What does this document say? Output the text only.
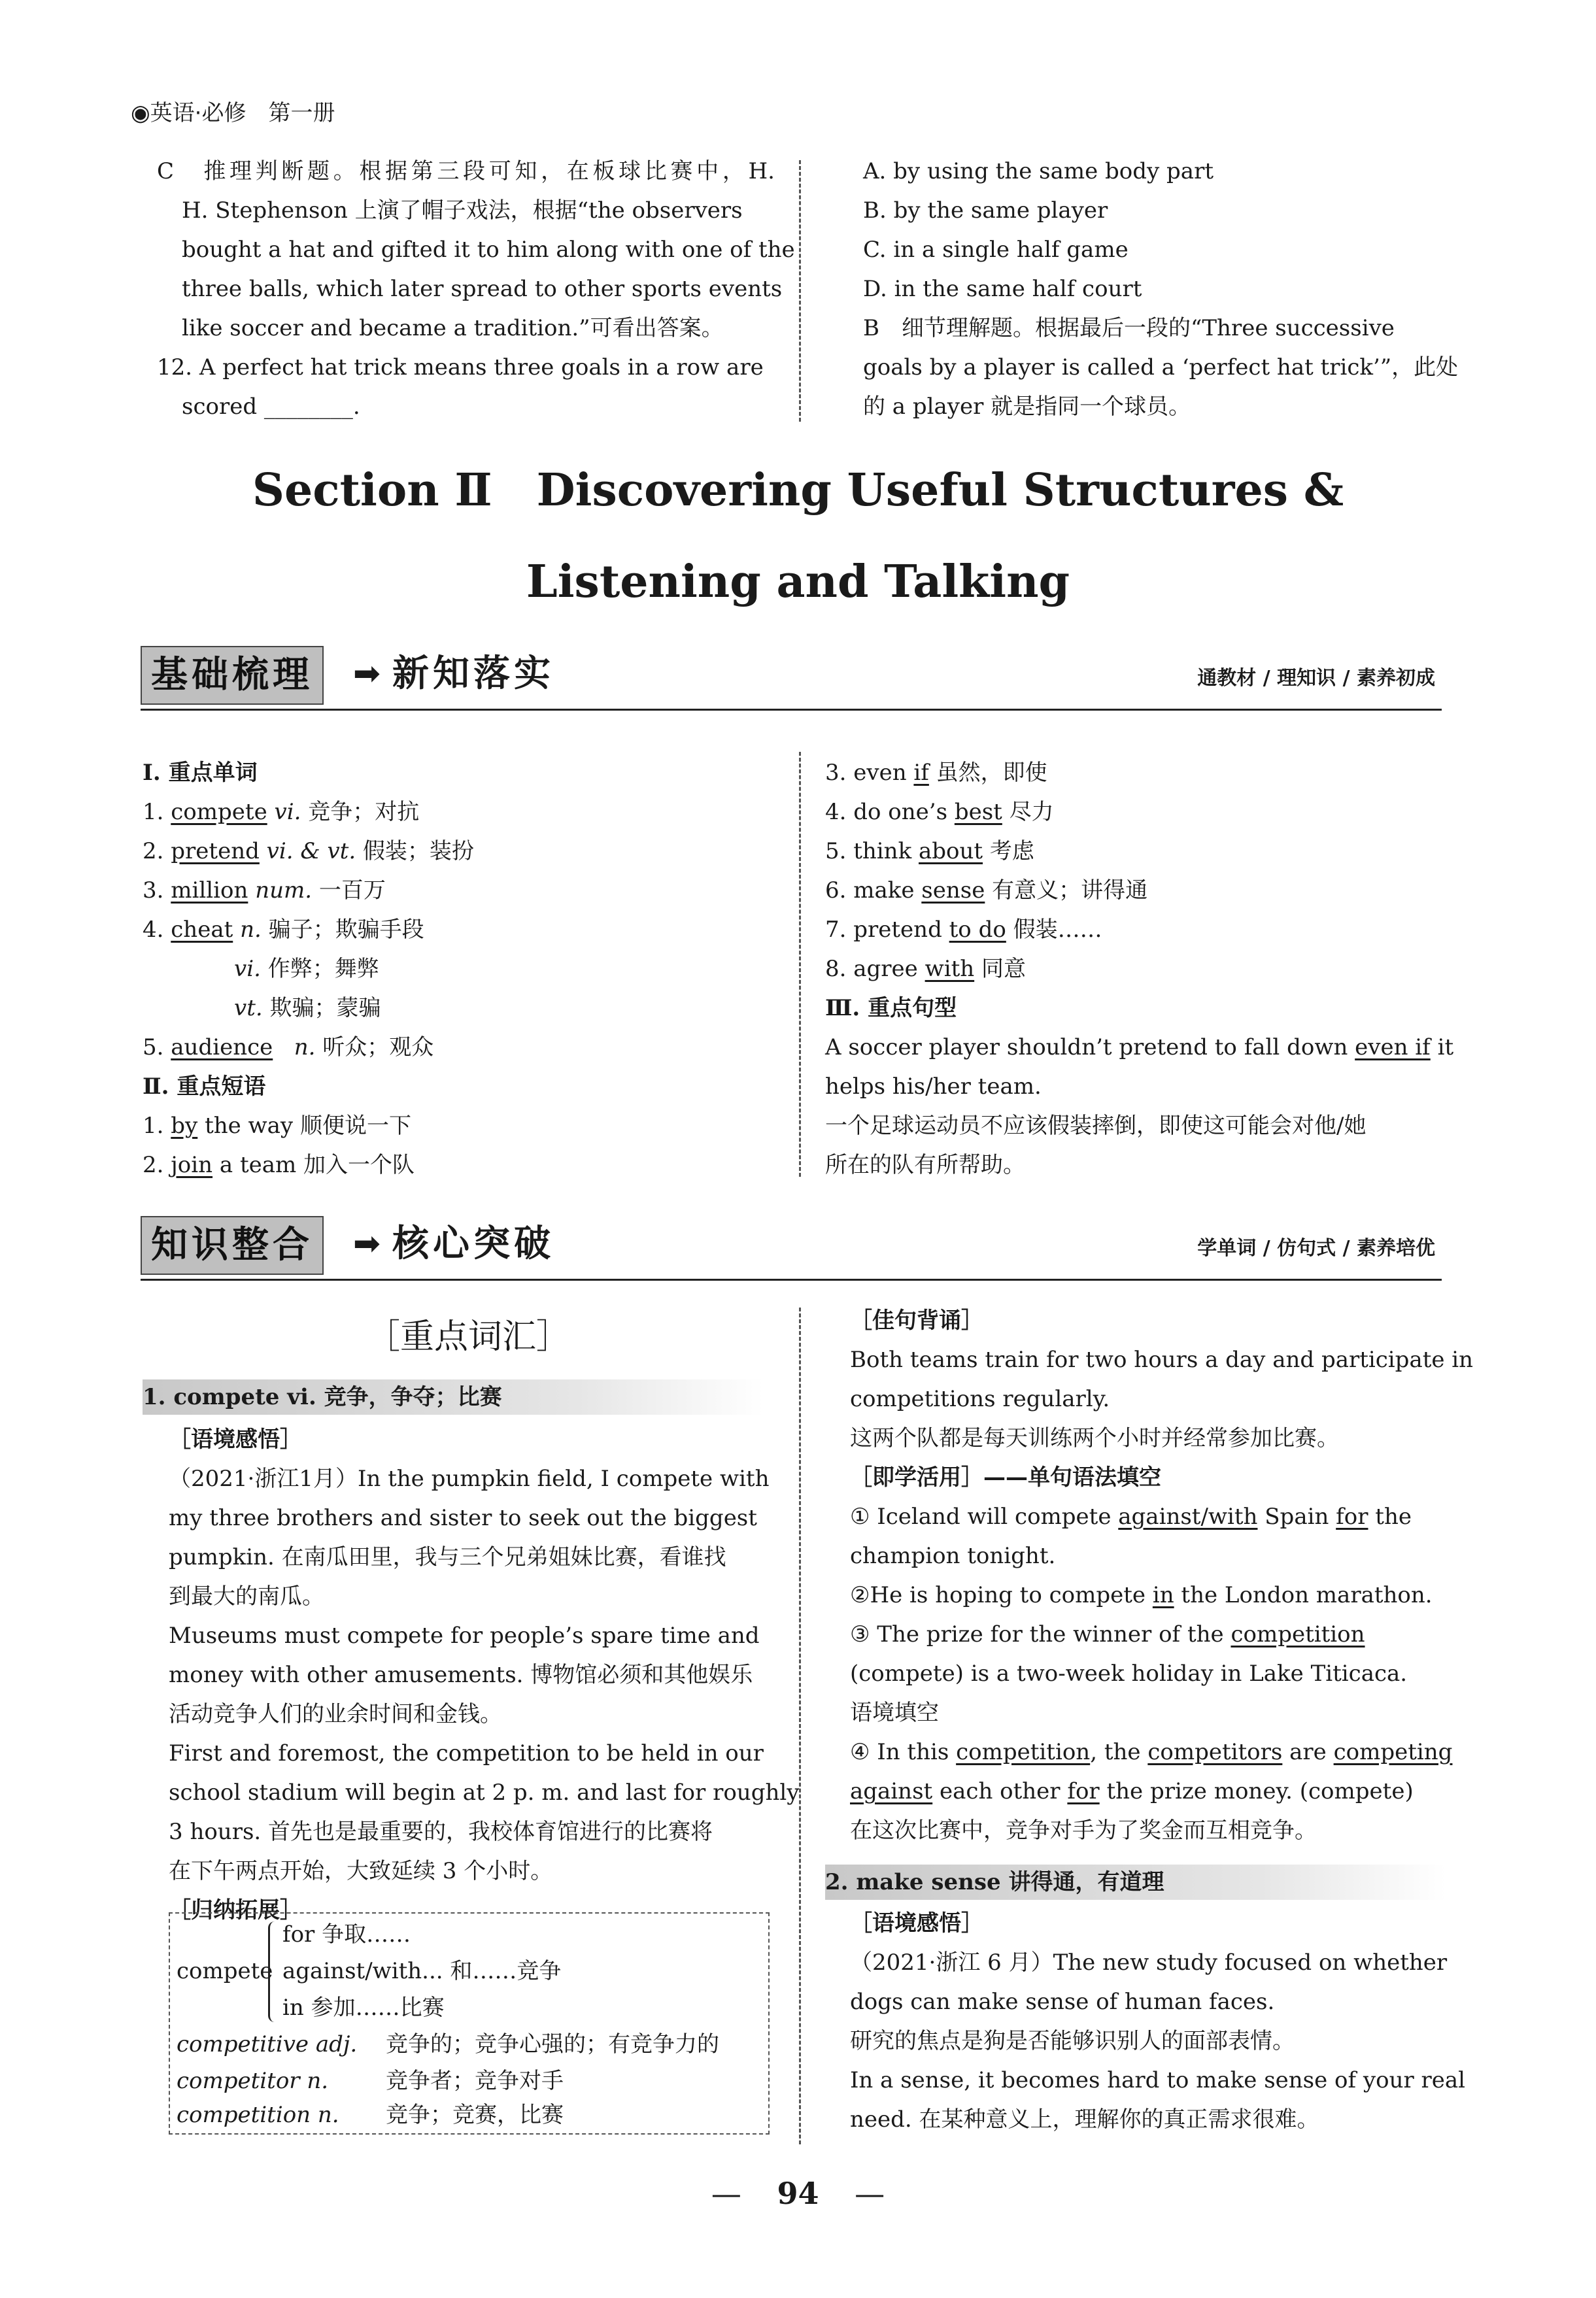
◉英语·必修　第一册
C　推理判断题。根据第三段可知，在板球比赛中，H.
H. Stephenson 上演了帽子戏法，根据“the observers
bought a hat and gifted it to him along with one of the
three balls, which later spread to other sports events
like soccer and became a tradition.”可看出答案。
12. A perfect hat trick means three goals in a row are
scored ________.
A. by using the same body part
B. by the same player
C. in a single half game
D. in the same half court
B　细节理解题。根据最后一段的“Three successive
goals by a player is called a ‘perfect hat trick’”，此处
的 a player 就是指同一个球员。
Section Ⅱ　Discovering Useful Structures &
Listening and Talking
基础梳理	➡ 新知落实	通教材 / 理知识 / 素养初成
Ⅰ. 重点单词
1. compete vi. 竞争；对抗
2. pretend vi. & vt. 假装；装扮
3. million num. 一百万
4. cheat n. 骗子；欺骗手段
vi. 作弊；舞弊
vt. 欺骗；蒙骗
5. audience n. 听众；观众
Ⅱ. 重点短语
1. by the way 顺便说一下
2. join a team 加入一个队
3. even if 虽然，即使
4. do one’s best 尽力
5. think about 考虑
6. make sense 有意义；讲得通
7. pretend to do 假装……
8. agree with 同意
Ⅲ. 重点句型
A soccer player shouldn’t pretend to fall down even if it
helps his/her team.
一个足球运动员不应该假装摔倒，即使这可能会对他/她
所在的队有所帮助。
知识整合	➡ 核心突破	学单词 / 仿句式 / 素养培优
［重点词汇］
1. compete vi. 竞争，争夺；比赛
［语境感悟］
（2021·浙江1月）In the pumpkin field, I compete with
my three brothers and sister to seek out the biggest
pumpkin. 在南瓜田里，我与三个兄弟姐妹比赛，看谁找
到最大的南瓜。
Museums must compete for people’s spare time and
money with other amusements. 博物馆必须和其他娱乐
活动竞争人们的业余时间和金钱。
First and foremost, the competition to be held in our
school stadium will begin at 2 p. m. and last for roughly
3 hours. 首先也是最重要的，我校体育馆进行的比赛将
在下午两点开始，大致延续 3 个小时。
［归纳拓展］
compete
for 争取……
against/with... 和……竞争
in 参加……比赛
competitive adj. 竞争的；竞争心强的；有竞争力的
competitor n.	竞争者；竞争对手
competition n. 竞争；竞赛，比赛
［佳句背诵］
Both teams train for two hours a day and participate in
competitions regularly.
这两个队都是每天训练两个小时并经常参加比赛。
［即学活用］——单句语法填空
① Iceland will compete against/with Spain for the
champion tonight.
②He is hoping to compete in the London marathon.
③ The prize for the winner of the competition
(compete) is a two-week holiday in Lake Titicaca.
语境填空
④ In this competition, the competitors are competing
against each other for the prize money. (compete)
在这次比赛中，竞争对手为了奖金而互相竞争。
2. make sense 讲得通，有道理
［语境感悟］
（2021·浙江 6 月）The new study focused on whether
dogs can make sense of human faces.
研究的焦点是狗是否能够识别人的面部表情。
In a sense, it becomes hard to make sense of your real
need. 在某种意义上，理解你的真正需求很难。
— 94 —
